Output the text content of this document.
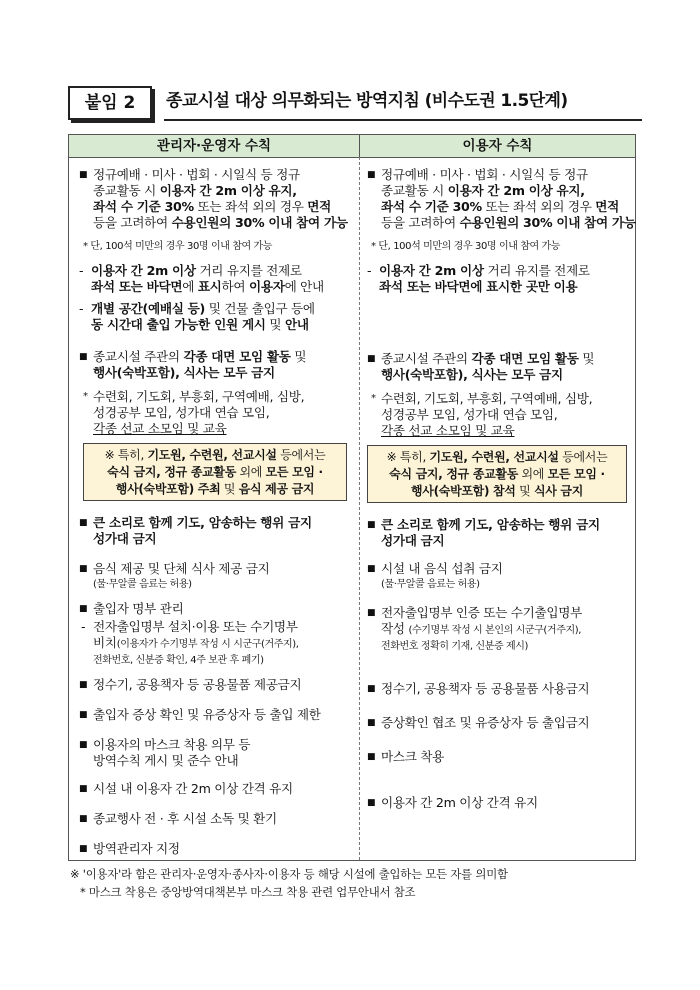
붙임 2	종교시설 대상 의무화되는 방역지침 (비수도권 1.5단계)
관리자·운영자 수칙	이용자 수칙
■ 정규예배 · 미사 · 법회 · 시일식 등 정규
종교활동 시 이용자 간 2m 이상 유지,
좌석 수 기준 30% 또는 좌석 외의 경우 면적
등을 고려하여 수용인원의 30% 이내 참여 가능
* 단, 100석 미만의 경우 30명 이내 참여 가능
- 이용자 간 2m 이상 거리 유지를 전제로
좌석 또는 바닥면에 표시하여 이용자에 안내
- 개별 공간(예배실 등) 및 건물 출입구 등에
동 시간대 출입 가능한 인원 게시 및 안내
■ 종교시설 주관의 각종 대면 모임 활동 및
행사(숙박포함), 식사는 모두 금지
* 수련회, 기도회, 부흥회, 구역예배, 심방,
성경공부 모임, 성가대 연습 모임,
각종 선교 소모임 및 교육
※ 특히, 기도원, 수련원, 선교시설 등에서는
숙식 금지, 정규 종교활동 외에 모든 모임 ·
행사(숙박포함) 주최 및 음식 제공 금지
■ 큰 소리로 함께 기도, 암송하는 행위 금지
성가대 금지
■ 음식 제공 및 단체 식사 제공 금지
(물·무알콜 음료는 허용)
■ 출입자 명부 관리
- 전자출입명부 설치·이용 또는 수기명부
비치(이용자가 수기명부 작성 시 시군구(거주지),
전화번호, 신분증 확인, 4주 보관 후 폐기)
■ 정수기, 공용책자 등 공용물품 제공금지
■ 출입자 증상 확인 및 유증상자 등 출입 제한
■ 이용자의 마스크 착용 의무 등
방역수칙 게시 및 준수 안내
■ 시설 내 이용자 간 2m 이상 간격 유지
■ 종교행사 전 · 후 시설 소독 및 환기
■ 방역관리자 지정
■ 정규예배 · 미사 · 법회 · 시일식 등 정규
종교활동 시 이용자 간 2m 이상 유지,
좌석 수 기준 30% 또는 좌석 외의 경우 면적
등을 고려하여 수용인원의 30% 이내 참여 가능
* 단, 100석 미만의 경우 30명 이내 참여 가능
- 이용자 간 2m 이상 거리 유지를 전제로
좌석 또는 바닥면에 표시한 곳만 이용
■ 종교시설 주관의 각종 대면 모임 활동 및
행사(숙박포함), 식사는 모두 금지
* 수련회, 기도회, 부흥회, 구역예배, 심방,
성경공부 모임, 성가대 연습 모임,
각종 선교 소모임 및 교육
※ 특히, 기도원, 수련원, 선교시설 등에서는
숙식 금지, 정규 종교활동 외에 모든 모임 ·
행사(숙박포함) 참석 및 식사 금지
■ 큰 소리로 함께 기도, 암송하는 행위 금지
성가대 금지
■ 시설 내 음식 섭취 금지
(물·무알콜 음료는 허용)
■ 전자출입명부 인증 또는 수기출입명부
작성 (수기명부 작성 시 본인의 시군구(거주지),
전화번호 정확히 기재, 신분증 제시)
■ 정수기, 공용책자 등 공용물품 사용금지
■ 증상확인 협조 및 유증상자 등 출입금지
■ 마스크 착용
■ 이용자 간 2m 이상 간격 유지
※ '이용자'라 함은 관리자·운영자·종사자·이용자 등 해당 시설에 출입하는 모든 자를 의미함
* 마스크 착용은 중앙방역대책본부 마스크 착용 관련 업무안내서 참조
